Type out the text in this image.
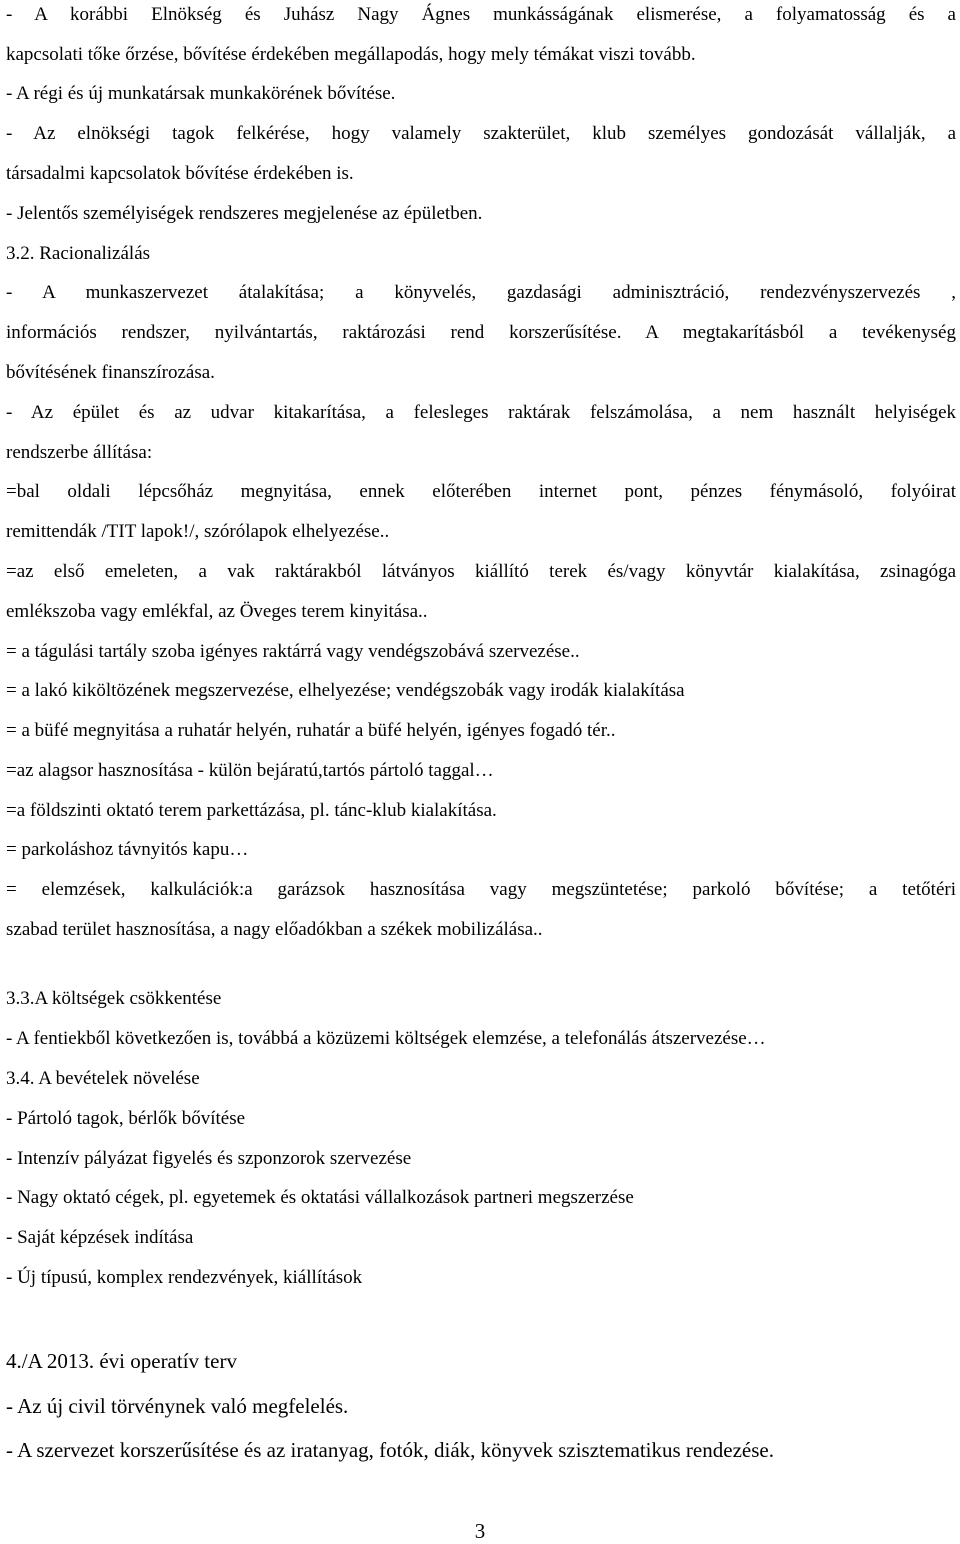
- A korábbi Elnökség és Juhász Nagy Ágnes munkásságának elismerése, a folyamatosság és a

kapcsolati tőke őrzése, bővítése érdekében megállapodás, hogy mely témákat viszi tovább.

- A régi és új munkatársak munkakörének bővítése.

- Az elnökségi tagok felkérése, hogy valamely szakterület, klub személyes gondozását vállalják, a

társadalmi kapcsolatok bővítése érdekében is.

- Jelentős személyiségek rendszeres megjelenése az épületben.

3.2. Racionalizálás

- A munkaszervezet átalakítása; a könyvelés, gazdasági adminisztráció, rendezvényszervezés ,

információs rendszer, nyilvántartás, raktározási rend korszerűsítése. A megtakarításból a tevékenység

bővítésének finanszírozása.

- Az épület és az udvar kitakarítása, a felesleges raktárak felszámolása, a nem használt helyiségek

rendszerbe állítása:

=bal oldali lépcsőház megnyitása, ennek előterében internet pont, pénzes fénymásoló, folyóirat

remittendák /TIT lapok!/, szórólapok elhelyezése..

=az első emeleten, a vak raktárakból látványos kiállító terek és/vagy könyvtár kialakítása, zsinagóga

emlékszoba vagy emlékfal, az Öveges terem kinyitása..

= a tágulási tartály szoba igényes raktárrá vagy vendégszobává szervezése..

= a lakó kiköltözének megszervezése, elhelyezése; vendégszobák vagy irodák kialakítása

= a büfé megnyitása a ruhatár helyén, ruhatár a büfé helyén, igényes fogadó tér..

=az alagsor hasznosítása - külön bejáratú,tartós pártoló taggal…

=a földszinti oktató terem parkettázása, pl. tánc-klub kialakítása.

= parkoláshoz távnyitós kapu…

= elemzések, kalkulációk:a garázsok hasznosítása vagy megszüntetése; parkoló bővítése; a tetőtéri

szabad terület hasznosítása, a nagy előadókban a székek mobilizálása..

3.3.A költségek csökkentése

- A fentiekből következően is, továbbá a közüzemi költségek elemzése, a telefonálás átszervezése…

3.4. A bevételek növelése

- Pártoló tagok, bérlők bővítése

- Intenzív pályázat figyelés és szponzorok szervezése

- Nagy oktató cégek, pl. egyetemek és oktatási vállalkozások partneri megszerzése

- Saját képzések indítása

- Új típusú, komplex rendezvények, kiállítások

4./A 2013. évi operatív terv

- Az új civil törvénynek való megfelelés.

- A szervezet korszerűsítése és az iratanyag, fotók, diák, könyvek szisztematikus rendezése.

3
